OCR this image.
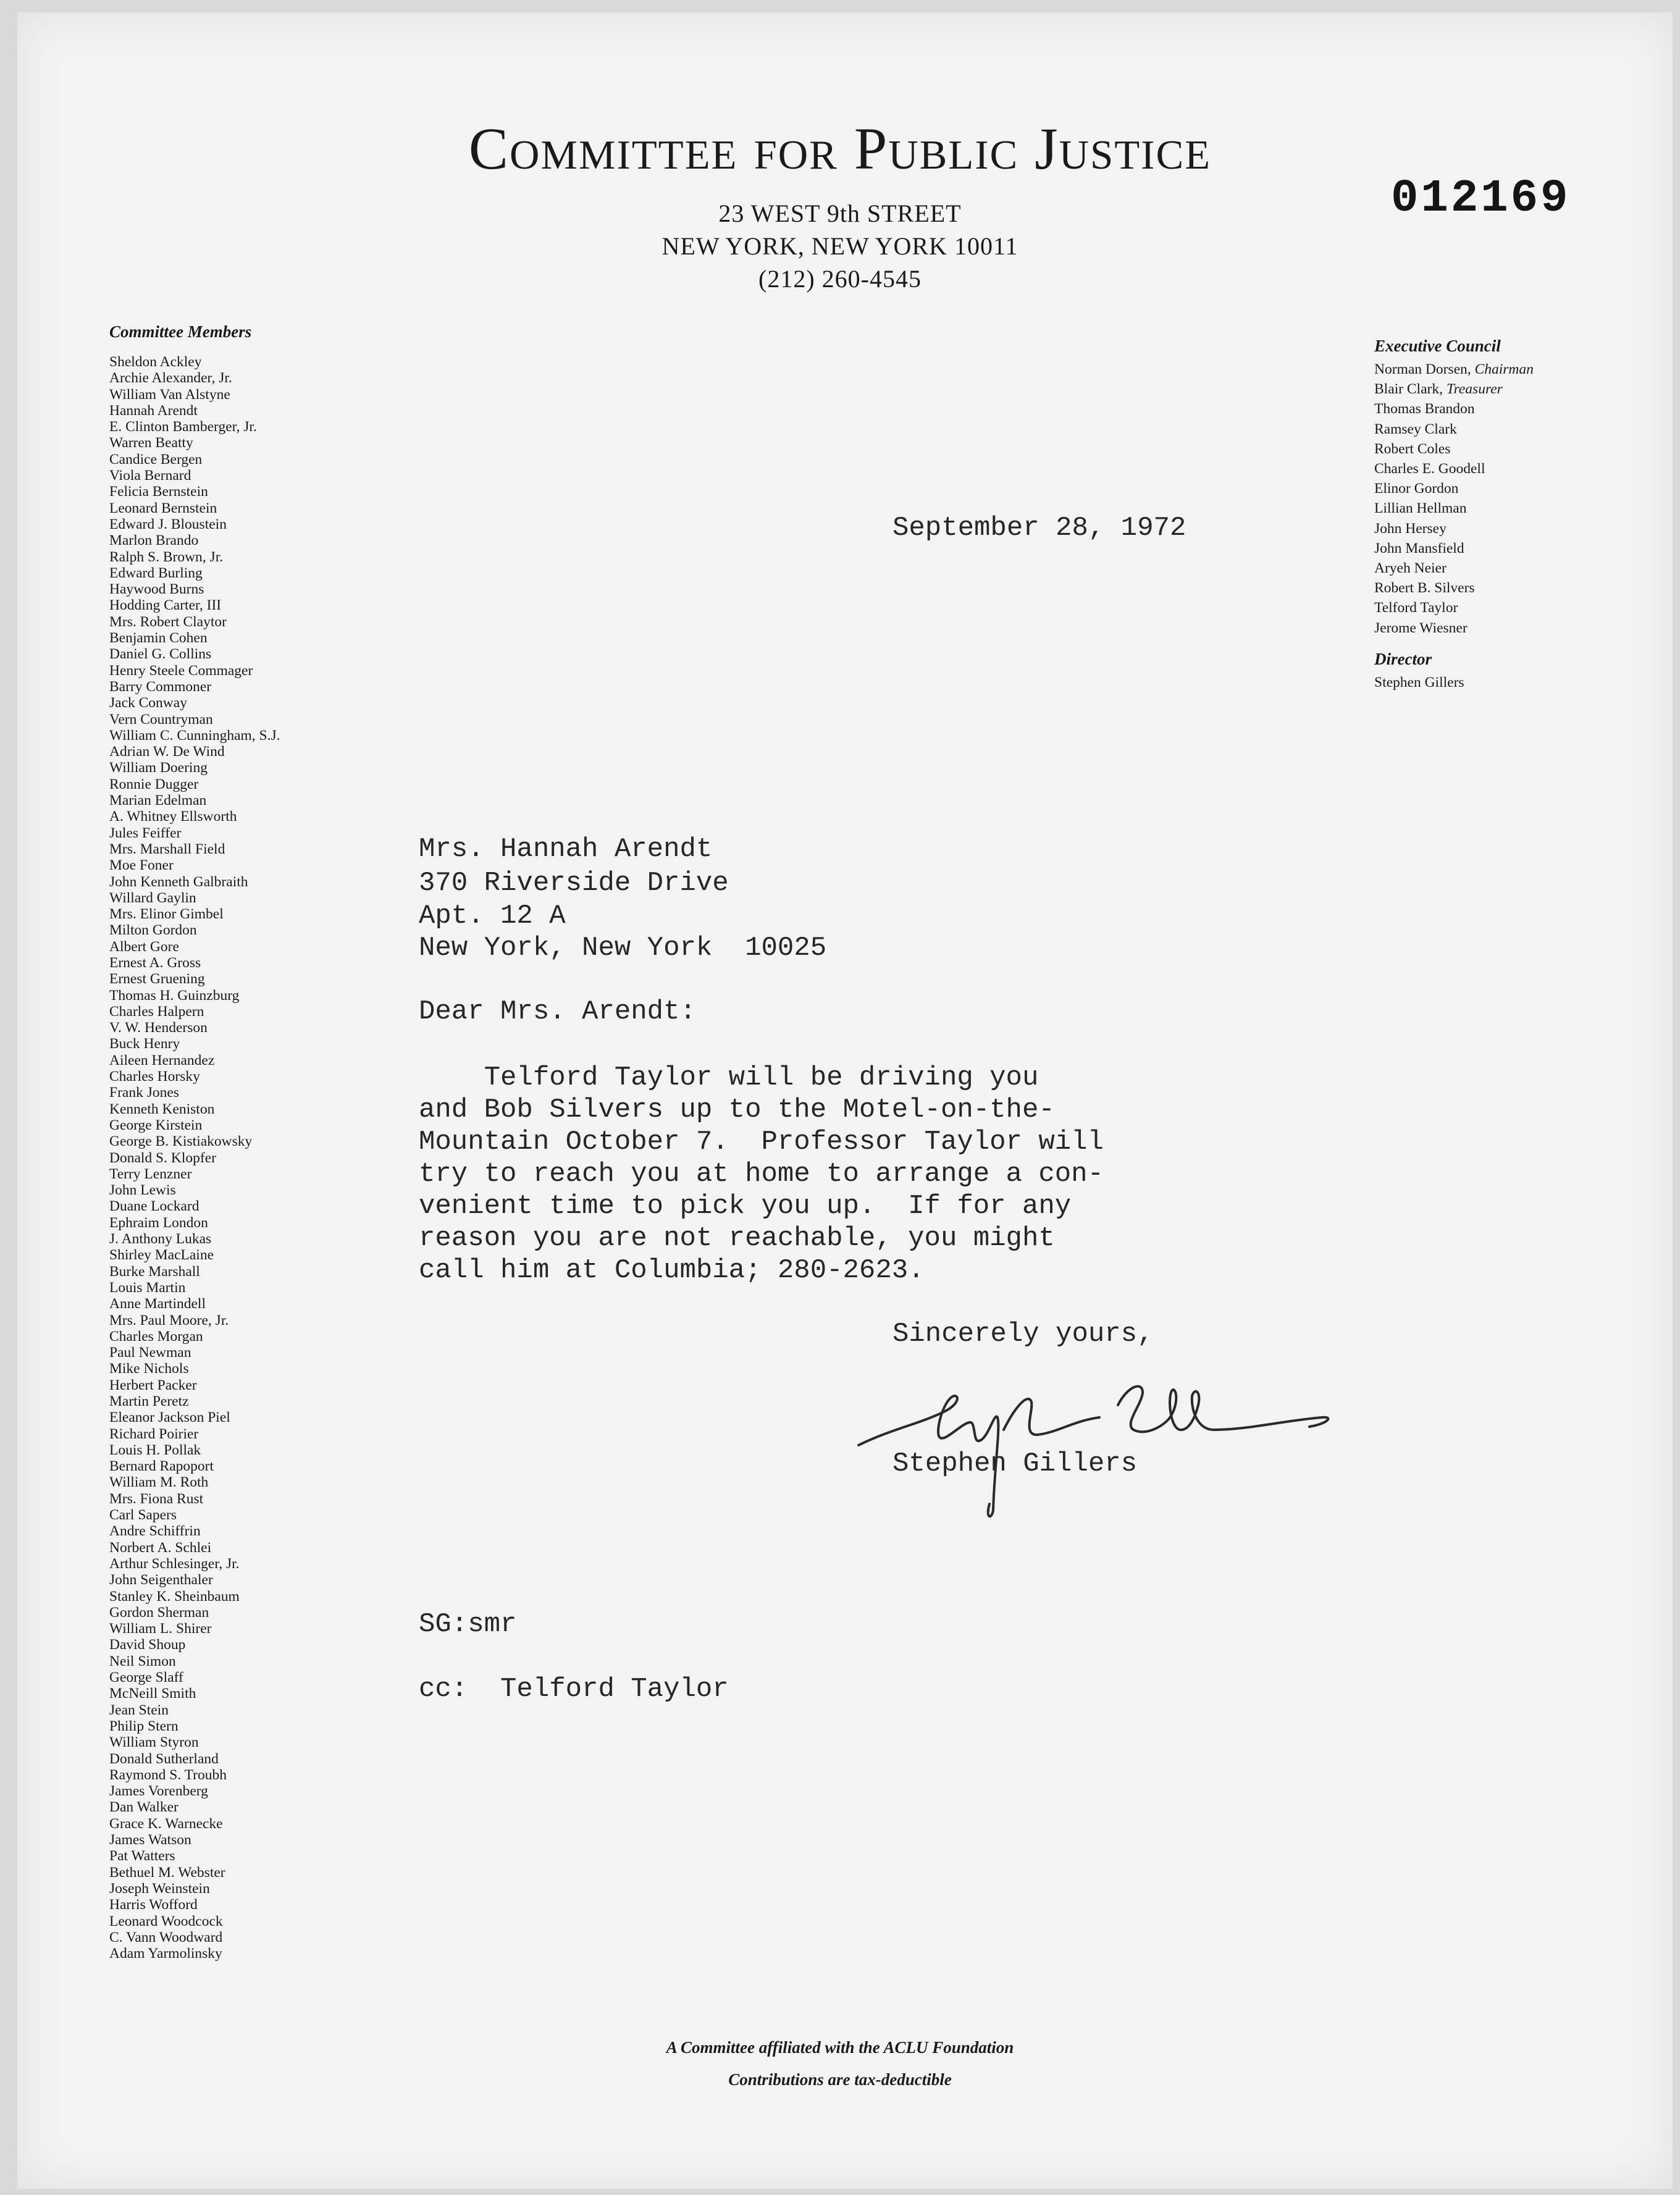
Committee for Public Justice
23 WEST 9th STREET
NEW YORK, NEW YORK 10011
(212) 260-4545
012169
Committee Members
Sheldon Ackley
Archie Alexander, Jr.
William Van Alstyne
Hannah Arendt
E. Clinton Bamberger, Jr.
Warren Beatty
Candice Bergen
Viola Bernard
Felicia Bernstein
Leonard Bernstein
Edward J. Bloustein
Marlon Brando
Ralph S. Brown, Jr.
Edward Burling
Haywood Burns
Hodding Carter, III
Mrs. Robert Claytor
Benjamin Cohen
Daniel G. Collins
Henry Steele Commager
Barry Commoner
Jack Conway
Vern Countryman
William C. Cunningham, S.J.
Adrian W. De Wind
William Doering
Ronnie Dugger
Marian Edelman
A. Whitney Ellsworth
Jules Feiffer
Mrs. Marshall Field
Moe Foner
John Kenneth Galbraith
Willard Gaylin
Mrs. Elinor Gimbel
Milton Gordon
Albert Gore
Ernest A. Gross
Ernest Gruening
Thomas H. Guinzburg
Charles Halpern
V. W. Henderson
Buck Henry
Aileen Hernandez
Charles Horsky
Frank Jones
Kenneth Keniston
George Kirstein
George B. Kistiakowsky
Donald S. Klopfer
Terry Lenzner
John Lewis
Duane Lockard
Ephraim London
J. Anthony Lukas
Shirley MacLaine
Burke Marshall
Louis Martin
Anne Martindell
Mrs. Paul Moore, Jr.
Charles Morgan
Paul Newman
Mike Nichols
Herbert Packer
Martin Peretz
Eleanor Jackson Piel
Richard Poirier
Louis H. Pollak
Bernard Rapoport
William M. Roth
Mrs. Fiona Rust
Carl Sapers
Andre Schiffrin
Norbert A. Schlei
Arthur Schlesinger, Jr.
John Seigenthaler
Stanley K. Sheinbaum
Gordon Sherman
William L. Shirer
David Shoup
Neil Simon
George Slaff
McNeill Smith
Jean Stein
Philip Stern
William Styron
Donald Sutherland
Raymond S. Troubh
James Vorenberg
Dan Walker
Grace K. Warnecke
James Watson
Pat Watters
Bethuel M. Webster
Joseph Weinstein
Harris Wofford
Leonard Woodcock
C. Vann Woodward
Adam Yarmolinsky
Executive Council
Norman Dorsen, Chairman
Blair Clark, Treasurer
Thomas Brandon
Ramsey Clark
Robert Coles
Charles E. Goodell
Elinor Gordon
Lillian Hellman
John Hersey
John Mansfield
Aryeh Neier
Robert B. Silvers
Telford Taylor
Jerome Wiesner
Director
Stephen Gillers
September 28, 1972
Mrs. Hannah Arendt
370 Riverside Drive
Apt. 12 A
New York, New York  10025
Dear Mrs. Arendt:
Telford Taylor will be driving you
and Bob Silvers up to the Motel-on-the-
Mountain October 7.  Professor Taylor will
try to reach you at home to arrange a con-
venient time to pick you up.  If for any
reason you are not reachable, you might
call him at Columbia; 280-2623.
Sincerely yours,
Stephen Gillers
SG:smr
cc:  Telford Taylor
A Committee affiliated with the ACLU Foundation
Contributions are tax-deductible
